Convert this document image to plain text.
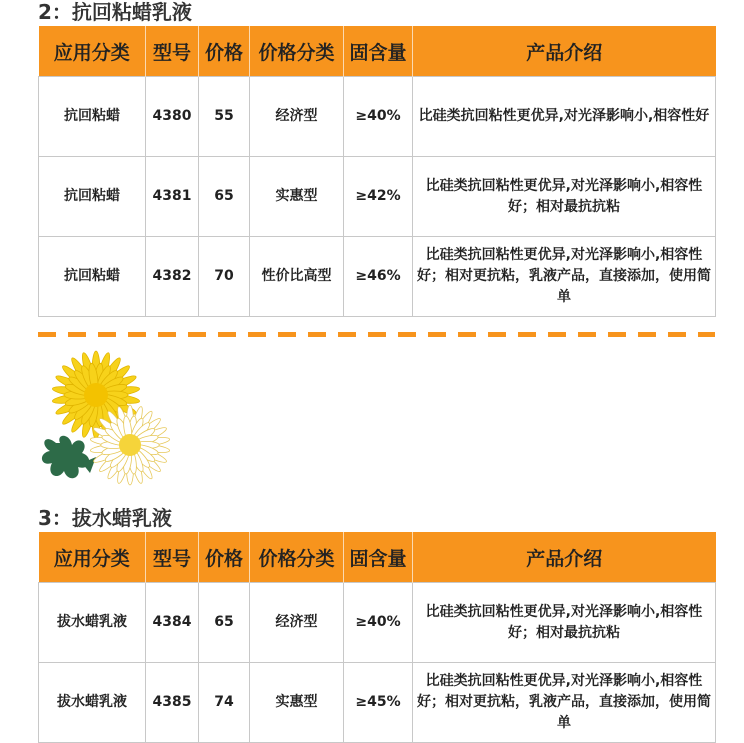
2：抗回粘蜡乳液
应用分类	型号	价格	价格分类	固含量	产品介绍
抗回粘蜡	4380	55	经济型	≥40%	比硅类抗回粘性更优异,对光泽影响小,相容性好
抗回粘蜡	4381	65	实惠型	≥42%	比硅类抗回粘性更优异,对光泽影响小,相容性好；相对最抗抗粘
抗回粘蜡	4382	70	性价比高型	≥46%	比硅类抗回粘性更优异,对光泽影响小,相容性好；相对更抗粘，乳液产品，直接添加，使用简单
3：拔水蜡乳液
应用分类	型号	价格	价格分类	固含量	产品介绍
拔水蜡乳液	4384	65	经济型	≥40%	比硅类抗回粘性更优异,对光泽影响小,相容性好；相对最抗抗粘
拔水蜡乳液	4385	74	实惠型	≥45%	比硅类抗回粘性更优异,对光泽影响小,相容性好；相对更抗粘，乳液产品，直接添加，使用简单
